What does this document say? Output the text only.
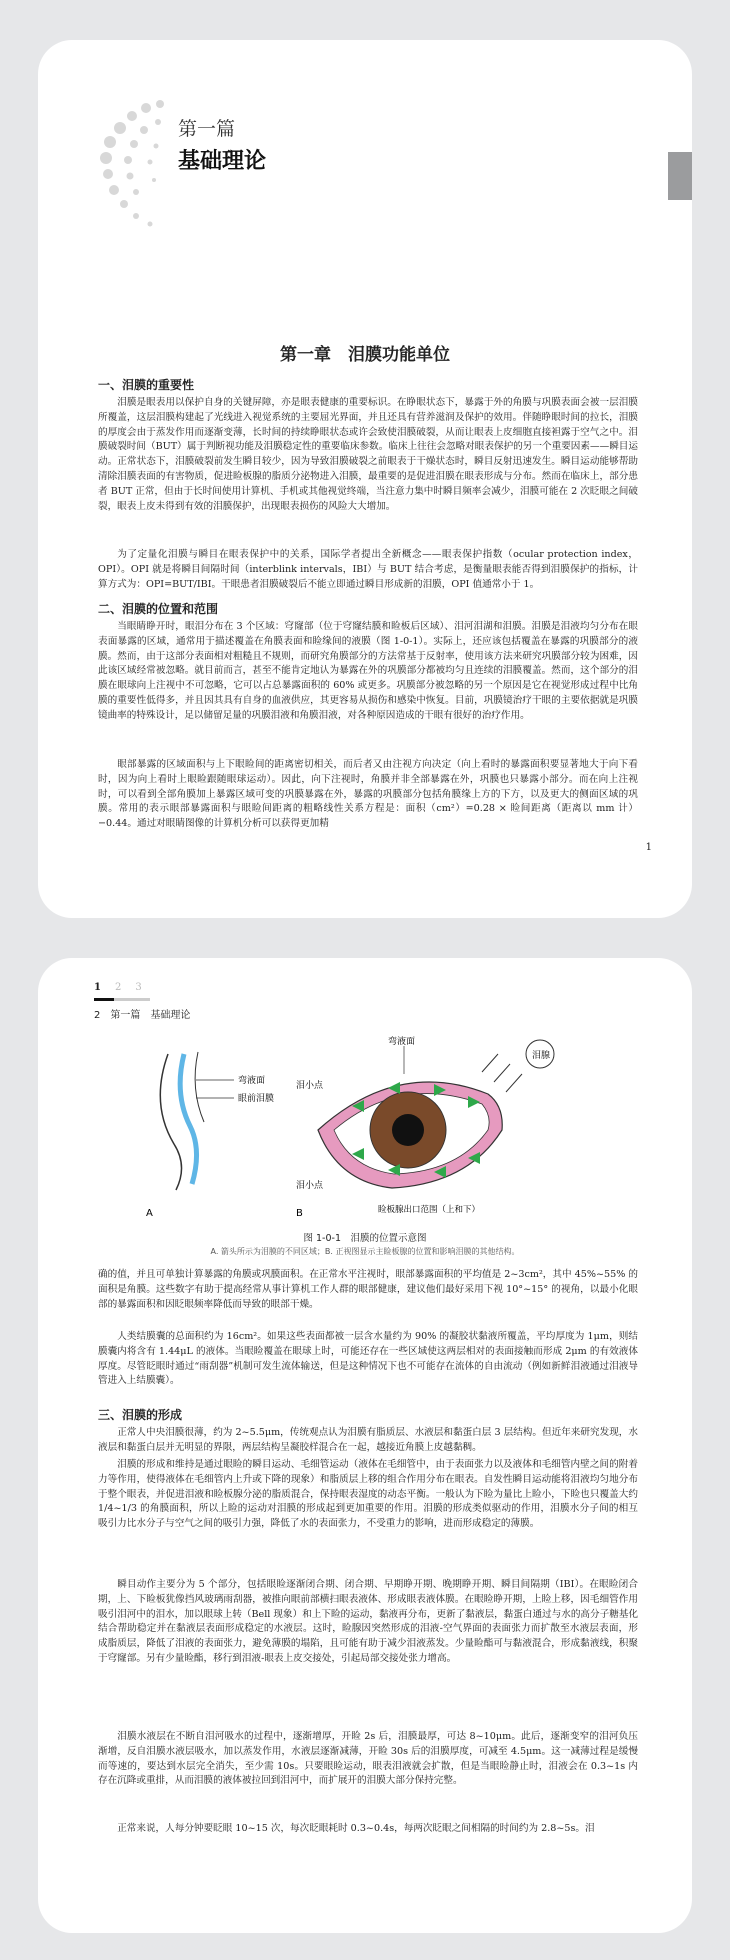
第一篇
基础理论
第一章　泪膜功能单位
一、泪膜的重要性

泪膜是眼表用以保护自身的关键屏障，亦是眼表健康的重要标识。在睁眼状态下，暴露于外的角膜与巩膜表面会被一层泪膜所覆盖，这层泪膜构建起了光线进入视觉系统的主要屈光界面，并且还具有营养滋润及保护的效用。伴随睁眼时间的拉长，泪膜的厚度会由于蒸发作用而逐渐变薄，长时间的持续睁眼状态或许会致使泪膜破裂，从而让眼表上皮细胞直接袒露于空气之中。泪膜破裂时间（BUT）属于判断视功能及泪膜稳定性的重要临床参数。临床上往往会忽略对眼表保护的另一个重要因素——瞬目运动。正常状态下，泪膜破裂前发生瞬目较少，因为导致泪膜破裂之前眼表于干燥状态时，瞬目反射迅速发生。瞬目运动能够帮助清除泪膜表面的有害物质，促进睑板腺的脂质分泌物进入泪膜，最重要的是促进泪膜在眼表形成与分布。然而在临床上，部分患者 BUT 正常，但由于长时间使用计算机、手机或其他视觉终端，当注意力集中时瞬目频率会减少，泪膜可能在 2 次眨眼之间破裂，眼表上皮未得到有效的泪膜保护，出现眼表损伤的风险大大增加。

为了定量化泪膜与瞬目在眼表保护中的关系，国际学者提出全新概念——眼表保护指数（ocular protection index，OPI）。OPI 就是将瞬目间隔时间（interblink intervals，IBI）与 BUT 结合考虑，是衡量眼表能否得到泪膜保护的指标，计算方式为：OPI=BUT/IBI。干眼患者泪膜破裂后不能立即通过瞬目形成新的泪膜，OPI 值通常小于 1。

二、泪膜的位置和范围

当眼睛睁开时，眼泪分布在 3 个区域：穹窿部（位于穹窿结膜和睑板后区域）、泪河泪湖和泪膜。泪膜是泪液均匀分布在眼表面暴露的区域，通常用于描述覆盖在角膜表面和睑缘间的液膜（图 1-0-1）。实际上，还应该包括覆盖在暴露的巩膜部分的液膜。然而，由于这部分表面相对粗糙且不规则，而研究角膜部分的方法常基于反射率，使用该方法来研究巩膜部分较为困难，因此该区域经常被忽略。就目前而言，甚至不能肯定地认为暴露在外的巩膜部分都被均匀且连续的泪膜覆盖。然而，这个部分的泪膜在眼球向上注视中不可忽略，它可以占总暴露面积的 60% 或更多。巩膜部分被忽略的另一个原因是它在视觉形成过程中比角膜的重要性低得多，并且因其具有自身的血液供应，其更容易从损伤和感染中恢复。目前，巩膜镜治疗干眼的主要依据就是巩膜镜曲率的特殊设计，足以储留足量的巩膜泪液和角膜泪液，对各种原因造成的干眼有很好的治疗作用。

眼部暴露的区域面积与上下眼睑间的距离密切相关，而后者又由注视方向决定（向上看时的暴露面积要显著地大于向下看时，因为向上看时上眼睑跟随眼球运动）。因此，向下注视时，角膜并非全部暴露在外，巩膜也只暴露小部分。而在向上注视时，可以看到全部角膜加上暴露区域可变的巩膜暴露在外，暴露的巩膜部分包括角膜缘上方的下方，以及更大的侧面区域的巩膜。常用的表示眼部暴露面积与眼睑间距离的粗略线性关系方程是：面积（cm²）=0.28 × 睑间距离（距离以 mm 计）−0.44。通过对眼睛图像的计算机分析可以获得更加精

1
1 2 3
2　第一篇　基础理论
弯液面
眼前泪膜
A
泪腺
弯液面
泪小点
泪小点
睑板腺出口范围（上和下）
B
图 1-0-1　泪膜的位置示意图
A. 箭头所示为泪膜的不同区域；B. 正视图显示主睑板腺的位置和影响泪膜的其他结构。

确的值，并且可单独计算暴露的角膜或巩膜面积。在正常水平注视时，眼部暴露面积的平均值是 2~3cm²，其中 45%~55% 的面积是角膜。这些数字有助于提高经常从事计算机工作人群的眼部健康，建议他们最好采用下视 10°~15° 的视角，以最小化眼部的暴露面积和因眨眼频率降低而导致的眼部干燥。

人类结膜囊的总面积约为 16cm²。如果这些表面都被一层含水量约为 90% 的凝胶状黏液所覆盖，平均厚度为 1μm，则结膜囊内将含有 1.44μL 的液体。当眼睑覆盖在眼球上时，可能还存在一些区域使这两层相对的表面接触而形成 2μm 的有效液体厚度。尽管眨眼时通过“雨刮器”机制可发生流体输送，但是这种情况下也不可能存在流体的自由流动（例如新鲜泪液通过泪液导管进入上结膜囊）。

三、泪膜的形成

正常人中央泪膜很薄，约为 2~5.5μm，传统观点认为泪膜有脂质层、水液层和黏蛋白层 3 层结构。但近年来研究发现，水液层和黏蛋白层并无明显的界限，两层结构呈凝胶样混合在一起，越接近角膜上皮越黏稠。

泪膜的形成和维持是通过眼睑的瞬目运动、毛细管运动（液体在毛细管中，由于表面张力以及液体和毛细管内壁之间的附着力等作用，使得液体在毛细管内上升或下降的现象）和脂质层上移的组合作用分布在眼表。自发性瞬目运动能将泪液均匀地分布于整个眼表，并促进泪液和睑板腺分泌的脂质混合，保持眼表湿度的动态平衡。一般认为下睑为量比上睑小，下睑也只覆盖大约 1/4~1/3 的角膜面积，所以上睑的运动对泪膜的形成起到更加重要的作用。泪膜的形成类似驱动的作用，泪膜水分子间的相互吸引力比水分子与空气之间的吸引力强，降低了水的表面张力，不受重力的影响，进而形成稳定的薄膜。

瞬目动作主要分为 5 个部分，包括眼睑逐渐闭合期、闭合期、早期睁开期、晚期睁开期、瞬目间隔期（IBI）。在眼睑闭合期，上、下睑板犹像挡风玻璃雨刮器，被推向眼前部横扫眼表液体、形成眼表液体膜。在眼睑睁开期，上睑上移，因毛细管作用吸引泪河中的泪水，加以眼球上转（Bell 现象）和上下睑的运动，黏液再分布，更新了黏液层，黏蛋白通过与水的高分子糖基化结合帮助稳定并在黏液层表面形成稳定的水液层。这时，睑腺因突然形成的泪液-空气界面的表面张力而扩散至水液层表面，形成脂质层，降低了泪液的表面张力，避免薄膜的塌陷，且可能有助于减少泪液蒸发。少量睑酯可与黏液混合，形成黏液线，积聚于穹窿部。另有少量睑酯，移行到泪液-眼表上皮交接处，引起局部交接处张力增高。

泪膜水液层在不断自泪河吸水的过程中，逐渐增厚，开睑 2s 后，泪膜最厚，可达 8~10μm。此后，逐渐变窄的泪河负压渐增，反自泪膜水液层吸水，加以蒸发作用，水液层逐渐减薄，开睑 30s 后的泪膜厚度，可减至 4.5μm。这一减薄过程是缓慢而等速的，要达到水层完全消失，至少需 10s。只要眼睑运动，眼表泪液就会扩散，但是当眼睑静止时，泪液会在 0.3~1s 内存在沉降或重排，从而泪膜的液体被拉回到泪河中，而扩展开的泪膜大部分保持完整。

正常来说，人每分钟要眨眼 10~15 次，每次眨眼耗时 0.3~0.4s，每两次眨眼之间相隔的时间约为 2.8~5s。泪
